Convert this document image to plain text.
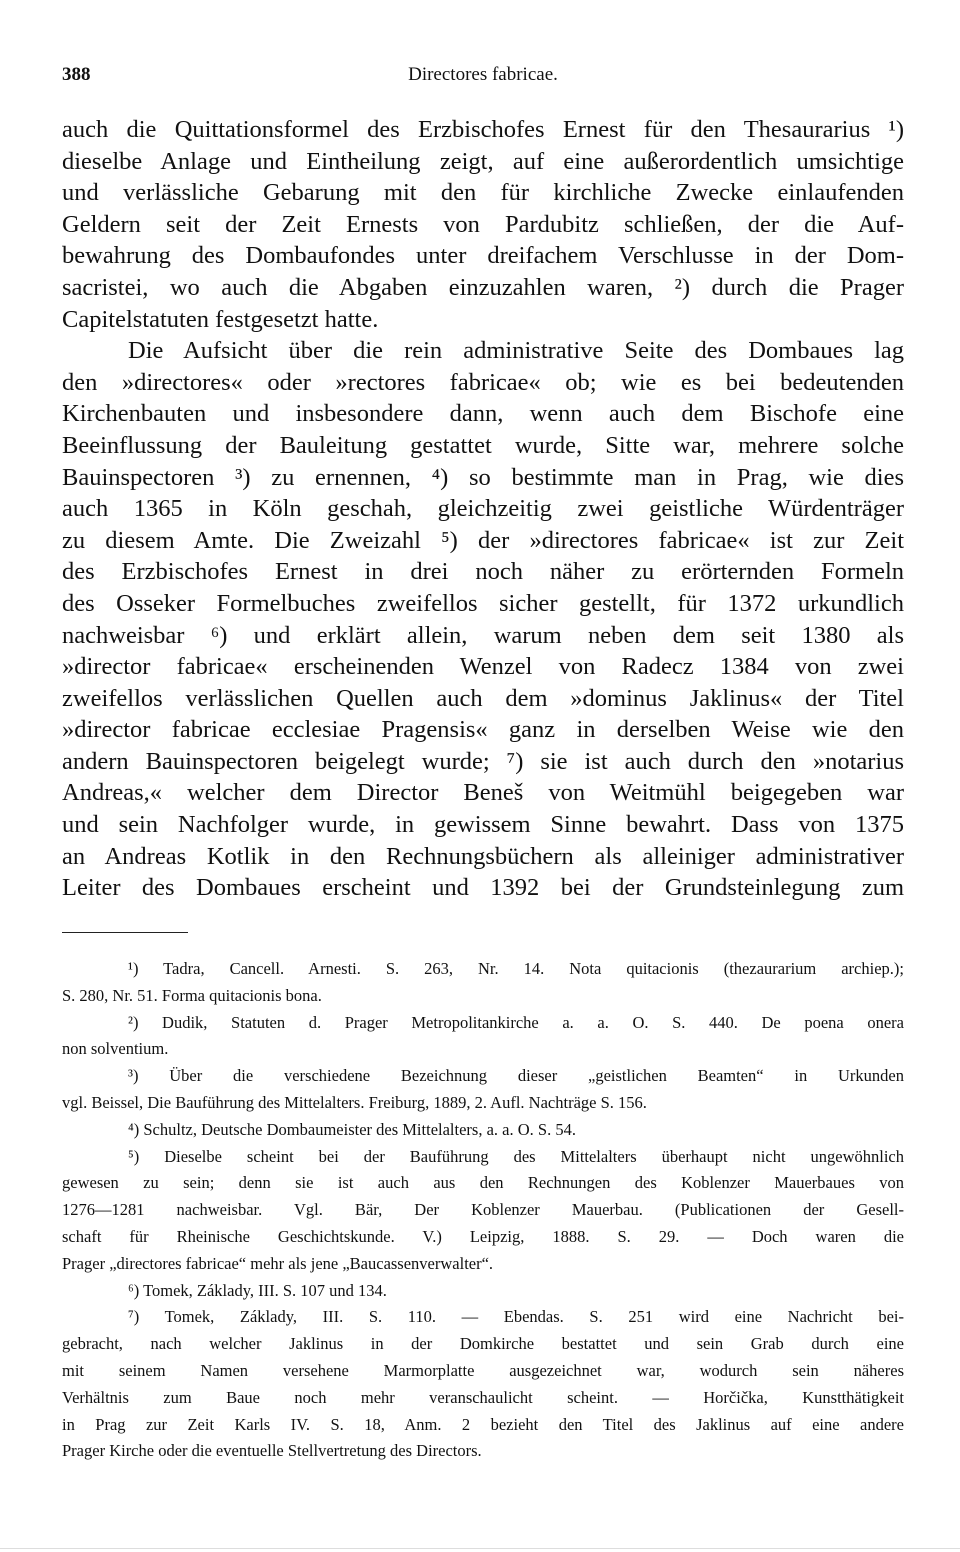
388	Directores fabricae.
auch die Quittationsformel des Erzbischofes Ernest für den Thesaurarius ¹)
dieselbe Anlage und Eintheilung zeigt, auf eine außerordentlich umsichtige
und verlässliche Gebarung mit den für kirchliche Zwecke einlaufenden
Geldern seit der Zeit Ernests von Pardubitz schließen, der die Auf-
bewahrung des Dombaufondes unter dreifachem Verschlusse in der Dom-
sacristei, wo auch die Abgaben einzuzahlen waren, ²) durch die Prager
Capitelstatuten festgesetzt hatte.
Die Aufsicht über die rein administrative Seite des Dombaues lag
den »directores« oder »rectores fabricae« ob; wie es bei bedeutenden
Kirchenbauten und insbesondere dann, wenn auch dem Bischofe eine
Beeinflussung der Bauleitung gestattet wurde, Sitte war, mehrere solche
Bauinspectoren ³) zu ernennen, ⁴) so bestimmte man in Prag, wie dies
auch 1365 in Köln geschah, gleichzeitig zwei geistliche Würdenträger
zu diesem Amte. Die Zweizahl ⁵) der »directores fabricae« ist zur Zeit
des Erzbischofes Ernest in drei noch näher zu erörternden Formeln
des Osseker Formelbuches zweifellos sicher gestellt, für 1372 urkundlich
nachweisbar ⁶) und erklärt allein, warum neben dem seit 1380 als
»director fabricae« erscheinenden Wenzel von Radecz 1384 von zwei
zweifellos verlässlichen Quellen auch dem »dominus Jaklinus« der Titel
»director fabricae ecclesiae Pragensis« ganz in derselben Weise wie den
andern Bauinspectoren beigelegt wurde; ⁷) sie ist auch durch den »notarius
Andreas,« welcher dem Director Beneš von Weitmühl beigegeben war
und sein Nachfolger wurde, in gewissem Sinne bewahrt. Dass von 1375
an Andreas Kotlik in den Rechnungsbüchern als alleiniger administrativer
Leiter des Dombaues erscheint und 1392 bei der Grundsteinlegung zum
¹) Tadra, Cancell. Arnesti. S. 263, Nr. 14. Nota quitacionis (thezaurarium archiep.);
S. 280, Nr. 51. Forma quitacionis bona.
²) Dudik, Statuten d. Prager Metropolitankirche a. a. O. S. 440. De poena onera
non solventium.
³) Über die verschiedene Bezeichnung dieser „geistlichen Beamten“ in Urkunden
vgl. Beissel, Die Bauführung des Mittelalters. Freiburg, 1889, 2. Aufl. Nachträge S. 156.
⁴) Schultz, Deutsche Dombaumeister des Mittelalters, a. a. O. S. 54.
⁵) Dieselbe scheint bei der Bauführung des Mittelalters überhaupt nicht ungewöhnlich
gewesen zu sein; denn sie ist auch aus den Rechnungen des Koblenzer Mauerbaues von
1276—1281 nachweisbar. Vgl. Bär, Der Koblenzer Mauerbau. (Publicationen der Gesell-
schaft für Rheinische Geschichtskunde. V.) Leipzig, 1888. S. 29. — Doch waren die
Prager „directores fabricae“ mehr als jene „Baucassenverwalter“.
⁶) Tomek, Základy, III. S. 107 und 134.
⁷) Tomek, Základy, III. S. 110. — Ebendas. S. 251 wird eine Nachricht bei-
gebracht, nach welcher Jaklinus in der Domkirche bestattet und sein Grab durch eine
mit seinem Namen versehene Marmorplatte ausgezeichnet war, wodurch sein näheres
Verhältnis zum Baue noch mehr veranschaulicht scheint. — Horčička, Kunstthätigkeit
in Prag zur Zeit Karls IV. S. 18, Anm. 2 bezieht den Titel des Jaklinus auf eine andere
Prager Kirche oder die eventuelle Stellvertretung des Directors.
